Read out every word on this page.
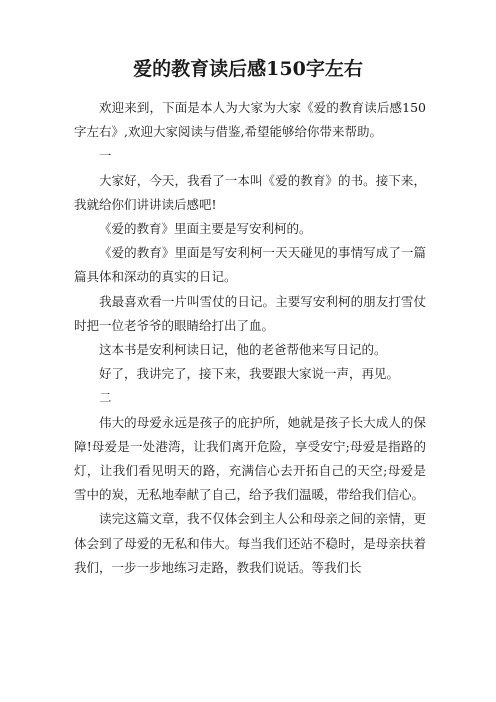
爱的教育读后感150字左右

欢迎来到，下面是本人为大家为大家《爱的教育读后感150字左右》,欢迎大家阅读与借鉴,希望能够给你带来帮助。

一

大家好，今天，我看了一本叫《爱的教育》的书。接下来，我就给你们讲讲读后感吧!

《爱的教育》里面主要是写安利柯的。

《爱的教育》里面是写安利柯一天天碰见的事情写成了一篇篇具体和深动的真实的日记。

我最喜欢看一片叫雪仗的日记。主要写安利柯的朋友打雪仗时把一位老爷爷的眼睛给打出了血。

这本书是安利柯读日记，他的老爸帮他来写日记的。

好了，我讲完了，接下来，我要跟大家说一声，再见。

二

伟大的母爱永远是孩子的庇护所，她就是孩子长大成人的保障!母爱是一处港湾，让我们离开危险，享受安宁;母爱是指路的灯，让我们看见明天的路，充满信心去开拓自己的天空;母爱是雪中的炭，无私地奉献了自己，给予我们温暖，带给我们信心。

读完这篇文章，我不仅体会到主人公和母亲之间的亲情，更体会到了母爱的无私和伟大。每当我们还站不稳时，是母亲扶着我们，一步一步地练习走路，教我们说话。等我们长
